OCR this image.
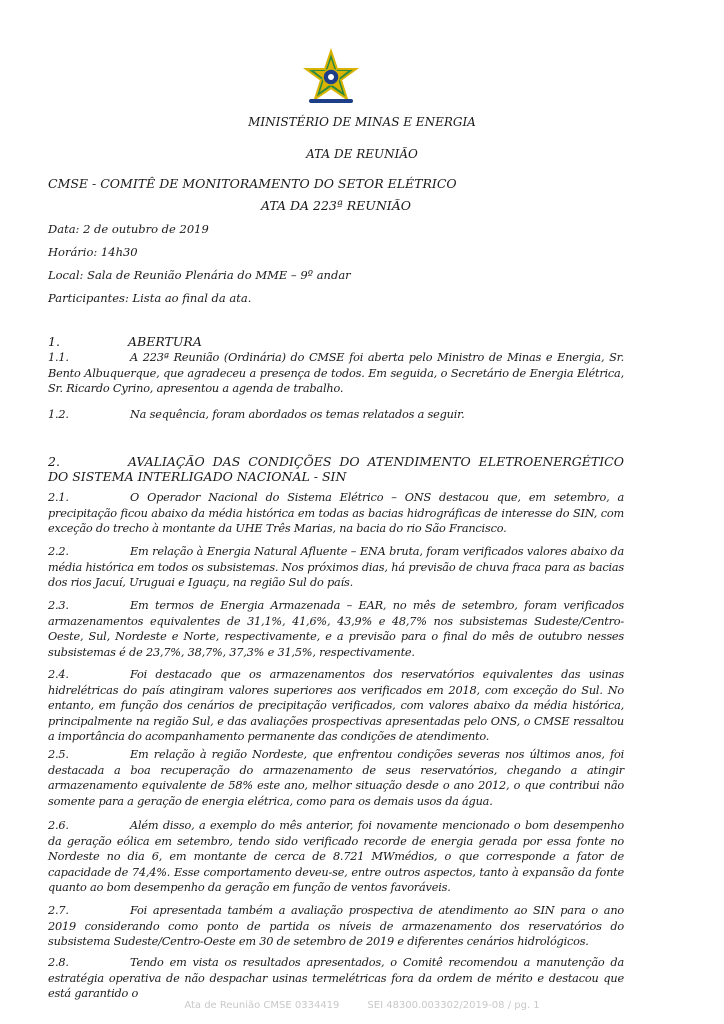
MINISTÉRIO DE MINAS E ENERGIA
ATA DE REUNIÃO
CMSE - COMITÊ DE MONITORAMENTO DO SETOR ELÉTRICO
ATA DA 223ª REUNIÃO
Data: 2 de outubro de 2019
Horário: 14h30
Local: Sala de Reunião Plenária do MME – 9º andar
Participantes: Lista ao final da ata.
1.	ABERTURA
1.1.	A 223ª Reunião (Ordinária) do CMSE foi aberta pelo Ministro de Minas e Energia, Sr. Bento Albuquerque, que agradeceu a presença de todos. Em seguida, o Secretário de Energia Elétrica, Sr. Ricardo Cyrino, apresentou a agenda de trabalho.
1.2.	Na sequência, foram abordados os temas relatados a seguir.
2.	AVALIAÇÃO DAS CONDIÇÕES DO ATENDIMENTO ELETROENERGÉTICO DO SISTEMA INTERLIGADO NACIONAL - SIN
2.1.	O Operador Nacional do Sistema Elétrico – ONS destacou que, em setembro, a precipitação ficou abaixo da média histórica em todas as bacias hidrográficas de interesse do SIN, com exceção do trecho à montante da UHE Três Marias, na bacia do rio São Francisco.
2.2.	Em relação à Energia Natural Afluente – ENA bruta, foram verificados valores abaixo da média histórica em todos os subsistemas. Nos próximos dias, há previsão de chuva fraca para as bacias dos rios Jacuí, Uruguai e Iguaçu, na região Sul do país.
2.3.	Em termos de Energia Armazenada – EAR, no mês de setembro, foram verificados armazenamentos equivalentes de 31,1%, 41,6%, 43,9% e 48,7% nos subsistemas Sudeste/Centro-Oeste, Sul, Nordeste e Norte, respectivamente, e a previsão para o final do mês de outubro nesses subsistemas é de 23,7%, 38,7%, 37,3% e 31,5%, respectivamente.
2.4.	Foi destacado que os armazenamentos dos reservatórios equivalentes das usinas hidrelétricas do país atingiram valores superiores aos verificados em 2018, com exceção do Sul. No entanto, em função dos cenários de precipitação verificados, com valores abaixo da média histórica, principalmente na região Sul, e das avaliações prospectivas apresentadas pelo ONS, o CMSE ressaltou a importância do acompanhamento permanente das condições de atendimento.
2.5.	Em relação à região Nordeste, que enfrentou condições severas nos últimos anos, foi destacada a boa recuperação do armazenamento de seus reservatórios, chegando a atingir armazenamento equivalente de 58% este ano, melhor situação desde o ano 2012, o que contribui não somente para a geração de energia elétrica, como para os demais usos da água.
2.6.	Além disso, a exemplo do mês anterior, foi novamente mencionado o bom desempenho da geração eólica em setembro, tendo sido verificado recorde de energia gerada por essa fonte no Nordeste no dia 6, em montante de cerca de 8.721 MWmédios, o que corresponde a fator de capacidade de 74,4%. Esse comportamento deveu-se, entre outros aspectos, tanto à expansão da fonte quanto ao bom desempenho da geração em função de ventos favoráveis.
2.7.	Foi apresentada também a avaliação prospectiva de atendimento ao SIN para o ano 2019 considerando como ponto de partida os níveis de armazenamento dos reservatórios do subsistema Sudeste/Centro-Oeste em 30 de setembro de 2019 e diferentes cenários hidrológicos.
2.8.	Tendo em vista os resultados apresentados, o Comitê recomendou a manutenção da estratégia operativa de não despachar usinas termelétricas fora da ordem de mérito e destacou que está garantido o
Ata de Reunião CMSE 0334419	SEI 48300.003302/2019-08 / pg. 1
